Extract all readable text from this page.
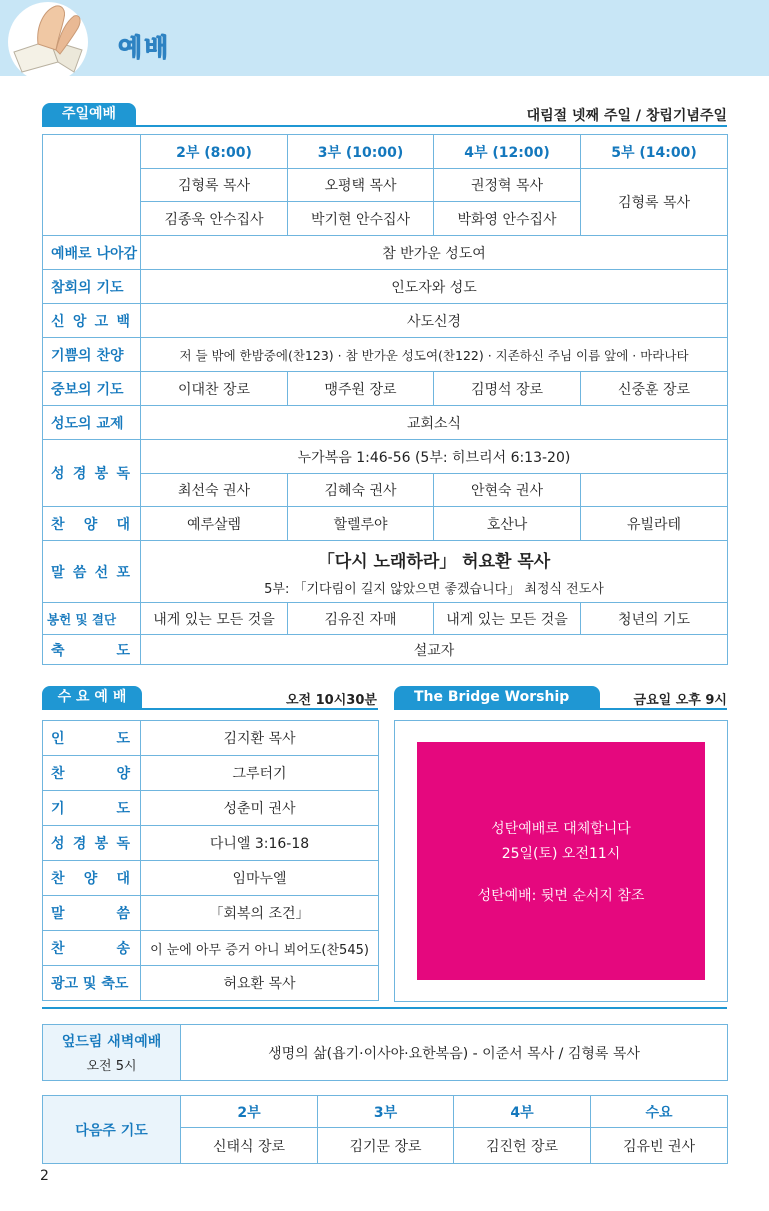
예배
주일예배	대림절 넷째 주일 / 창립기념주일
	2부 (8:00)	3부 (10:00)	4부 (12:00)	5부 (14:00)
	김형록 목사	오평택 목사	권정혁 목사	김형록 목사
	김종욱 안수집사	박기현 안수집사	박화영 안수집사	
예배로 나아감	참 반가운 성도여			
참회의 기도	인도자와 성도			
신 앙 고 백	사도신경			
기쁨의 찬양	저 들 밖에 한밤중에(찬123) · 참 반가운 성도여(찬122) · 지존하신 주님 이름 앞에 · 마라나타			
중보의 기도	이대찬 장로	맹주원 장로	김명석 장로	신중훈 장로
성도의 교제	교회소식			
성 경 봉 독	누가복음 1:46-56 (5부: 히브리서 6:13-20)			
	최선숙 권사	김혜숙 권사	안현숙 권사	
찬 양 대	예루살렘	할렐루야	호산나	유빌라테
말 씀 선 포	「다시 노래하라」 허요환 목사
5부: 「기다림이 길지 않았으면 좋겠습니다」 최정식 전도사			

봉헌 및 결단	내게 있는 모든 것을	김유진 자매	내게 있는 모든 것을	청년의 기도
축 도	설교자			
수 요 예 배	오전 10시30분
인 도	김지환 목사
찬 양	그루터기
기 도	성춘미 권사
성 경 봉 독	다니엘 3:16-18
찬 양 대	임마누엘
말 씀	「회복의 조건」
찬 송	이 눈에 아무 증거 아니 뵈어도(찬545)
광고 및 축도	허요환 목사
The Bridge Worship	금요일 오후 9시
성탄예배로 대체합니다
25일(토) 오전11시
성탄예배: 뒷면 순서지 참조
엎드림 새벽예배
오전 5시
	생명의 삶(욥기·이사야·요한복음) - 이준서 목사 / 김형록 목사
다음주 기도	2부	3부	4부	수요
	신태식 장로	김기문 장로	김진헌 장로	김유빈 권사
2
